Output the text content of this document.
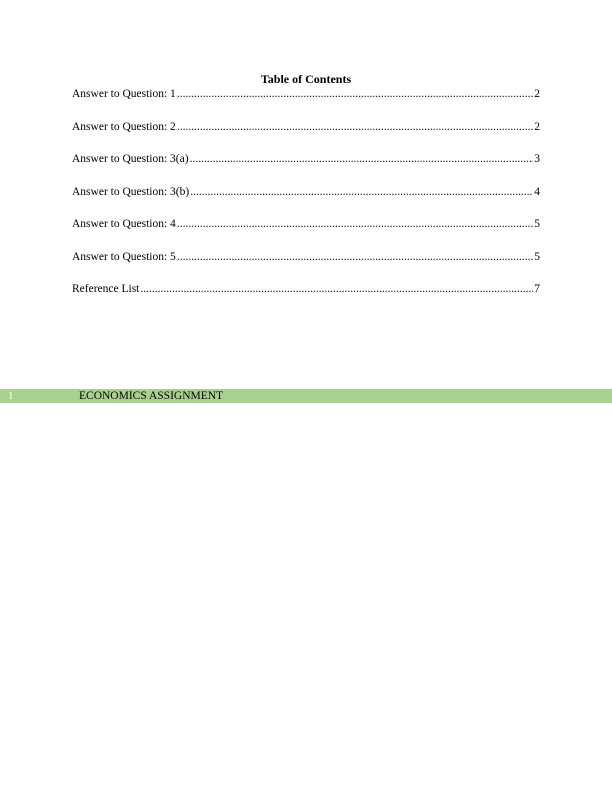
Table of Contents
Answer to Question: 1 .....	2
Answer to Question: 2 .....	2
Answer to Question: 3(a) .....	3
Answer to Question: 3(b) .....	4
Answer to Question: 4 .....	5
Answer to Question: 5 .....	5
Reference List .....	7
1	ECONOMICS ASSIGNMENT
